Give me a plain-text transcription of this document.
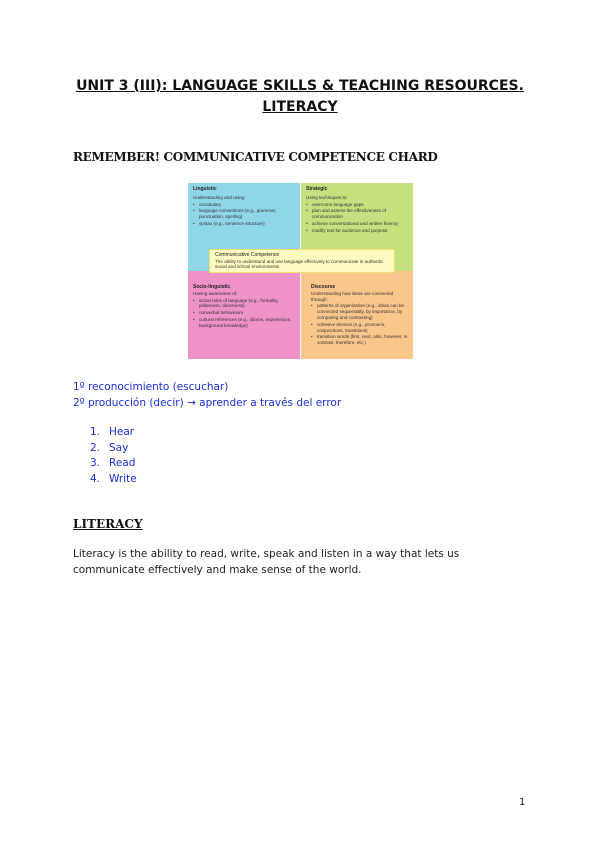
UNIT 3 (III): LANGUAGE SKILLS & TEACHING RESOURCES.
LITERACY
REMEMBER! COMMUNICATIVE COMPETENCE CHARD
Linguistic
Understanding and using:
• vocabulary
• language conventions (e.g., grammar, punctuation, spelling)
• syntax (e.g., sentence structure)
Strategic
Using techniques to:
• overcome language gaps
• plan and assess the effectiveness of communication
• achieve conversational and written fluency
• modify text for audience and purpose
Socio-linguistic
Having awareness of:
• social rules of language (e.g., formality, politeness, directness)
• nonverbal behaviours
• cultural references (e.g., idioms, expressions, background knowledge)
Discourse
Understanding how ideas are connected through:
• patterns of organization (e.g., ideas can be connected sequentially, by importance, by comparing and contrasting)
• cohesive devices (e.g., pronouns, conjunctions, transitions)
• transition words (first, next, also, however, in contrast, therefore, etc.)
Communicative Competence
The ability to understand and use language effectively to communicate in authentic social and school environments
1º reconocimiento (escuchar)
2º producción (decir) → aprender a través del error
1. Hear
2. Say
3. Read
4. Write
LITERACY
Literacy is the ability to read, write, speak and listen in a way that lets us communicate effectively and make sense of the world.
1
